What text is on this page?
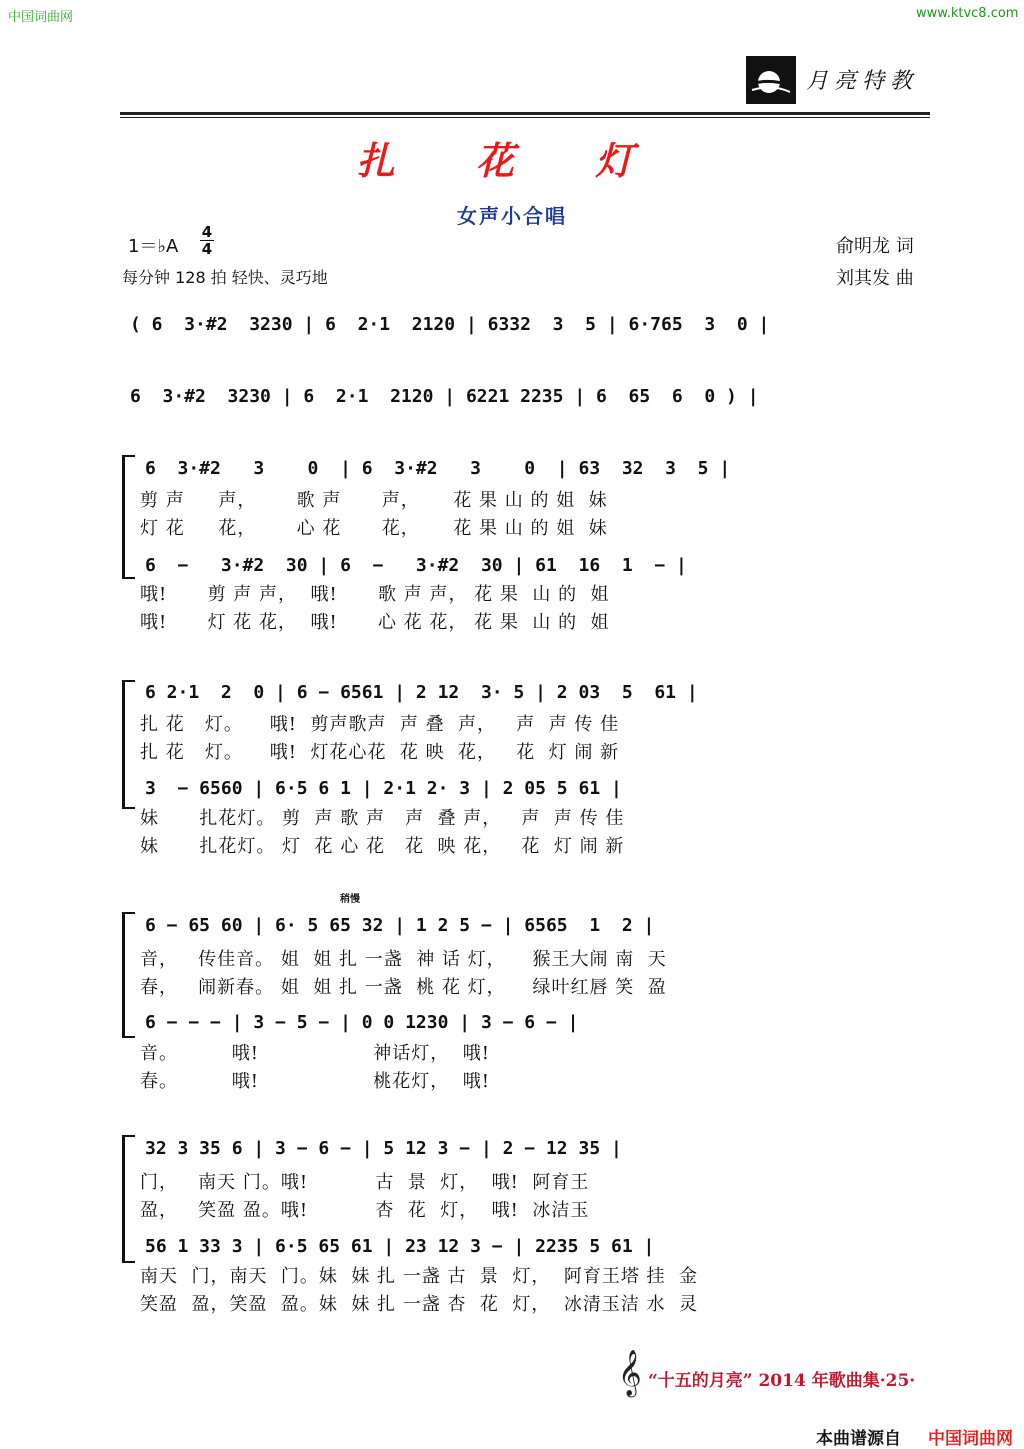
中国词曲网	www.ktvc8.com
月亮特教
扎 花 灯
女声小合唱
1＝♭A
4
4
每分钟 128 拍 轻快、灵巧地
俞明龙 词
刘其发 曲
( 6  3·#2  3230 | 6  2·1  2120 | 6332  3  5 | 6·765  3  0 |
6  3·#2  3230 | 6  2·1  2120 | 6221 2235 | 6  65  6  0 ) |
6  3·#2   3    0  | 6  3·#2   3    0  | 63  32  3  5 |
剪 声     声，      歌 声      声，     花 果 山 的 姐  妹
灯 花     花，      心 花      花，     花 果 山 的 姐  妹
6  −   3·#2  30 | 6  −   3·#2  30 | 61  16  1  − |
哦!      剪 声 声，  哦!      歌 声 声， 花 果  山 的  姐
哦!      灯 花 花，  哦!      心 花 花， 花 果  山 的  姐
6 2·1  2  0 | 6 − 6561 | 2 12  3· 5 | 2 03  5  61 |
扎 花   灯。    哦!  剪声歌声  声 叠  声，   声  声 传 佳
扎 花   灯。    哦!  灯花心花  花 映  花，   花  灯 闹 新
3  − 6560 | 6·5 6 1 | 2·1 2· 3 | 2 05 5 61 |
妹      扎花灯。 剪  声 歌 声   声  叠 声，   声  声 传 佳
妹      扎花灯。 灯  花 心 花   花  映 花，   花  灯 闹 新
稍慢
6 − 65 60 | 6· 5 65 32 | 1 2 5 − | 6565  1  2 |
音，   传佳音。 姐  姐 扎 一盏  神 话 灯，    猴王大闹 南  天
春，   闹新春。 姐  姐 扎 一盏  桃 花 灯，    绿叶红唇 笑  盈
6 − − − | 3 − 5 − | 0 0 1230 | 3 − 6 − |
音。        哦!                 神话灯，  哦!
春。        哦!                 桃花灯，  哦!
32 3 35 6 | 3 − 6 − | 5 12 3 − | 2 − 12 35 |
门，   南天 门。哦!          古  景  灯，  哦!  阿育王
盈，   笑盈 盈。哦!          杏  花  灯，  哦!  冰洁玉
56 1 33 3 | 6·5 65 61 | 23 12 3 − | 2235 5 61 |
南天  门，南天  门。妹  妹 扎 一盏 古  景  灯，  阿育王塔 挂  金
笑盈  盈，笑盈  盈。妹  妹 扎 一盏 杏  花  灯，  冰清玉洁 水  灵
𝄞 “十五的月亮” 2014 年歌曲集·25·
本曲谱源自 中国词曲网
